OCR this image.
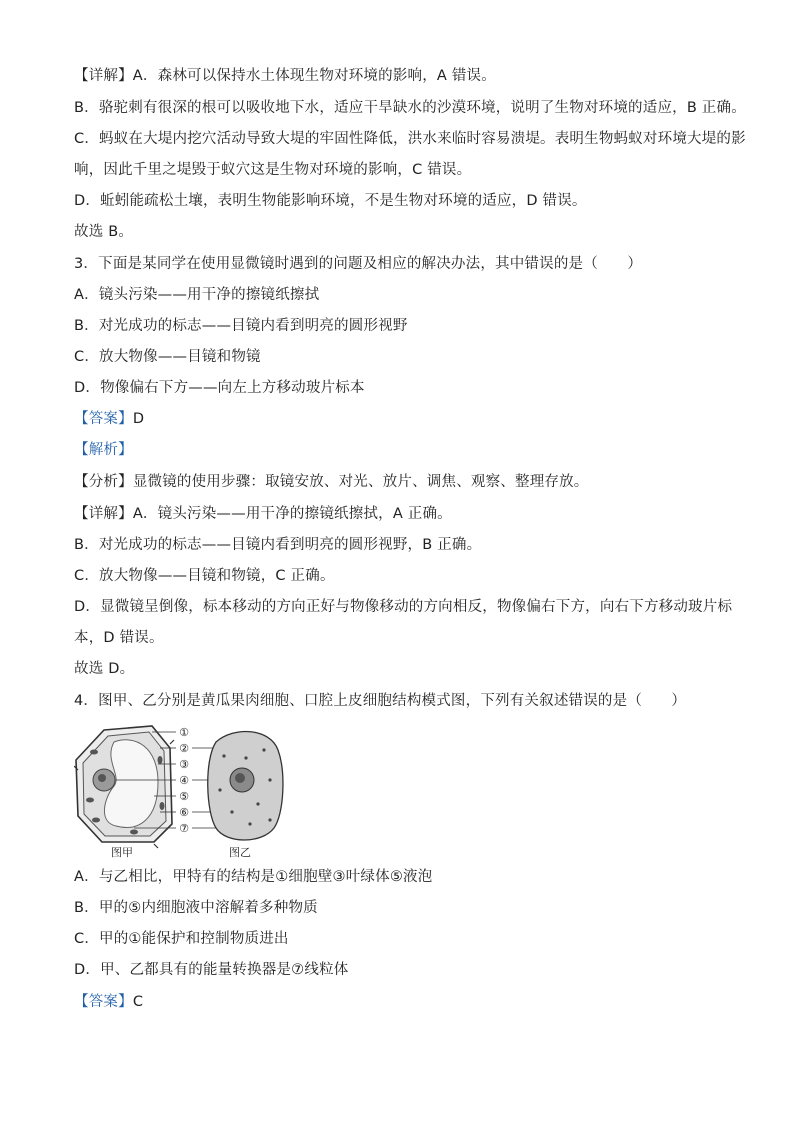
【详解】A．森林可以保持水土体现生物对环境的影响，A 错误。
B．骆驼刺有很深的根可以吸收地下水，适应干旱缺水的沙漠环境，说明了生物对环境的适应，B 正确。
C．蚂蚁在大堤内挖穴活动导致大堤的牢固性降低，洪水来临时容易溃堤。表明生物蚂蚁对环境大堤的影
响，因此千里之堤毁于蚁穴这是生物对环境的影响，C 错误。
D．蚯蚓能疏松土壤，表明生物能影响环境，不是生物对环境的适应，D 错误。
故选 B。
3．下面是某同学在使用显微镜时遇到的问题及相应的解决办法，其中错误的是（　　）
A．镜头污染——用干净的擦镜纸擦拭
B．对光成功的标志——目镜内看到明亮的圆形视野
C．放大物像——目镜和物镜
D．物像偏右下方——向左上方移动玻片标本
【答案】D
【解析】
【分析】显微镜的使用步骤：取镜安放、对光、放片、调焦、观察、整理存放。
【详解】A．镜头污染——用干净的擦镜纸擦拭，A 正确。
B．对光成功的标志——目镜内看到明亮的圆形视野，B 正确。
C．放大物像——目镜和物镜，C 正确。
D．显微镜呈倒像，标本移动的方向正好与物像移动的方向相反，物像偏右下方，向右下方移动玻片标
本，D 错误。
故选 D。
4．图甲、乙分别是黄瓜果肉细胞、口腔上皮细胞结构模式图，下列有关叙述错误的是（　　）
①
②
③
④
⑤
⑥
⑦
图甲	图乙
A．与乙相比，甲特有的结构是①细胞壁③叶绿体⑤液泡
B．甲的⑤内细胞液中溶解着多种物质
C．甲的①能保护和控制物质进出
D．甲、乙都具有的能量转换器是⑦线粒体
【答案】C
